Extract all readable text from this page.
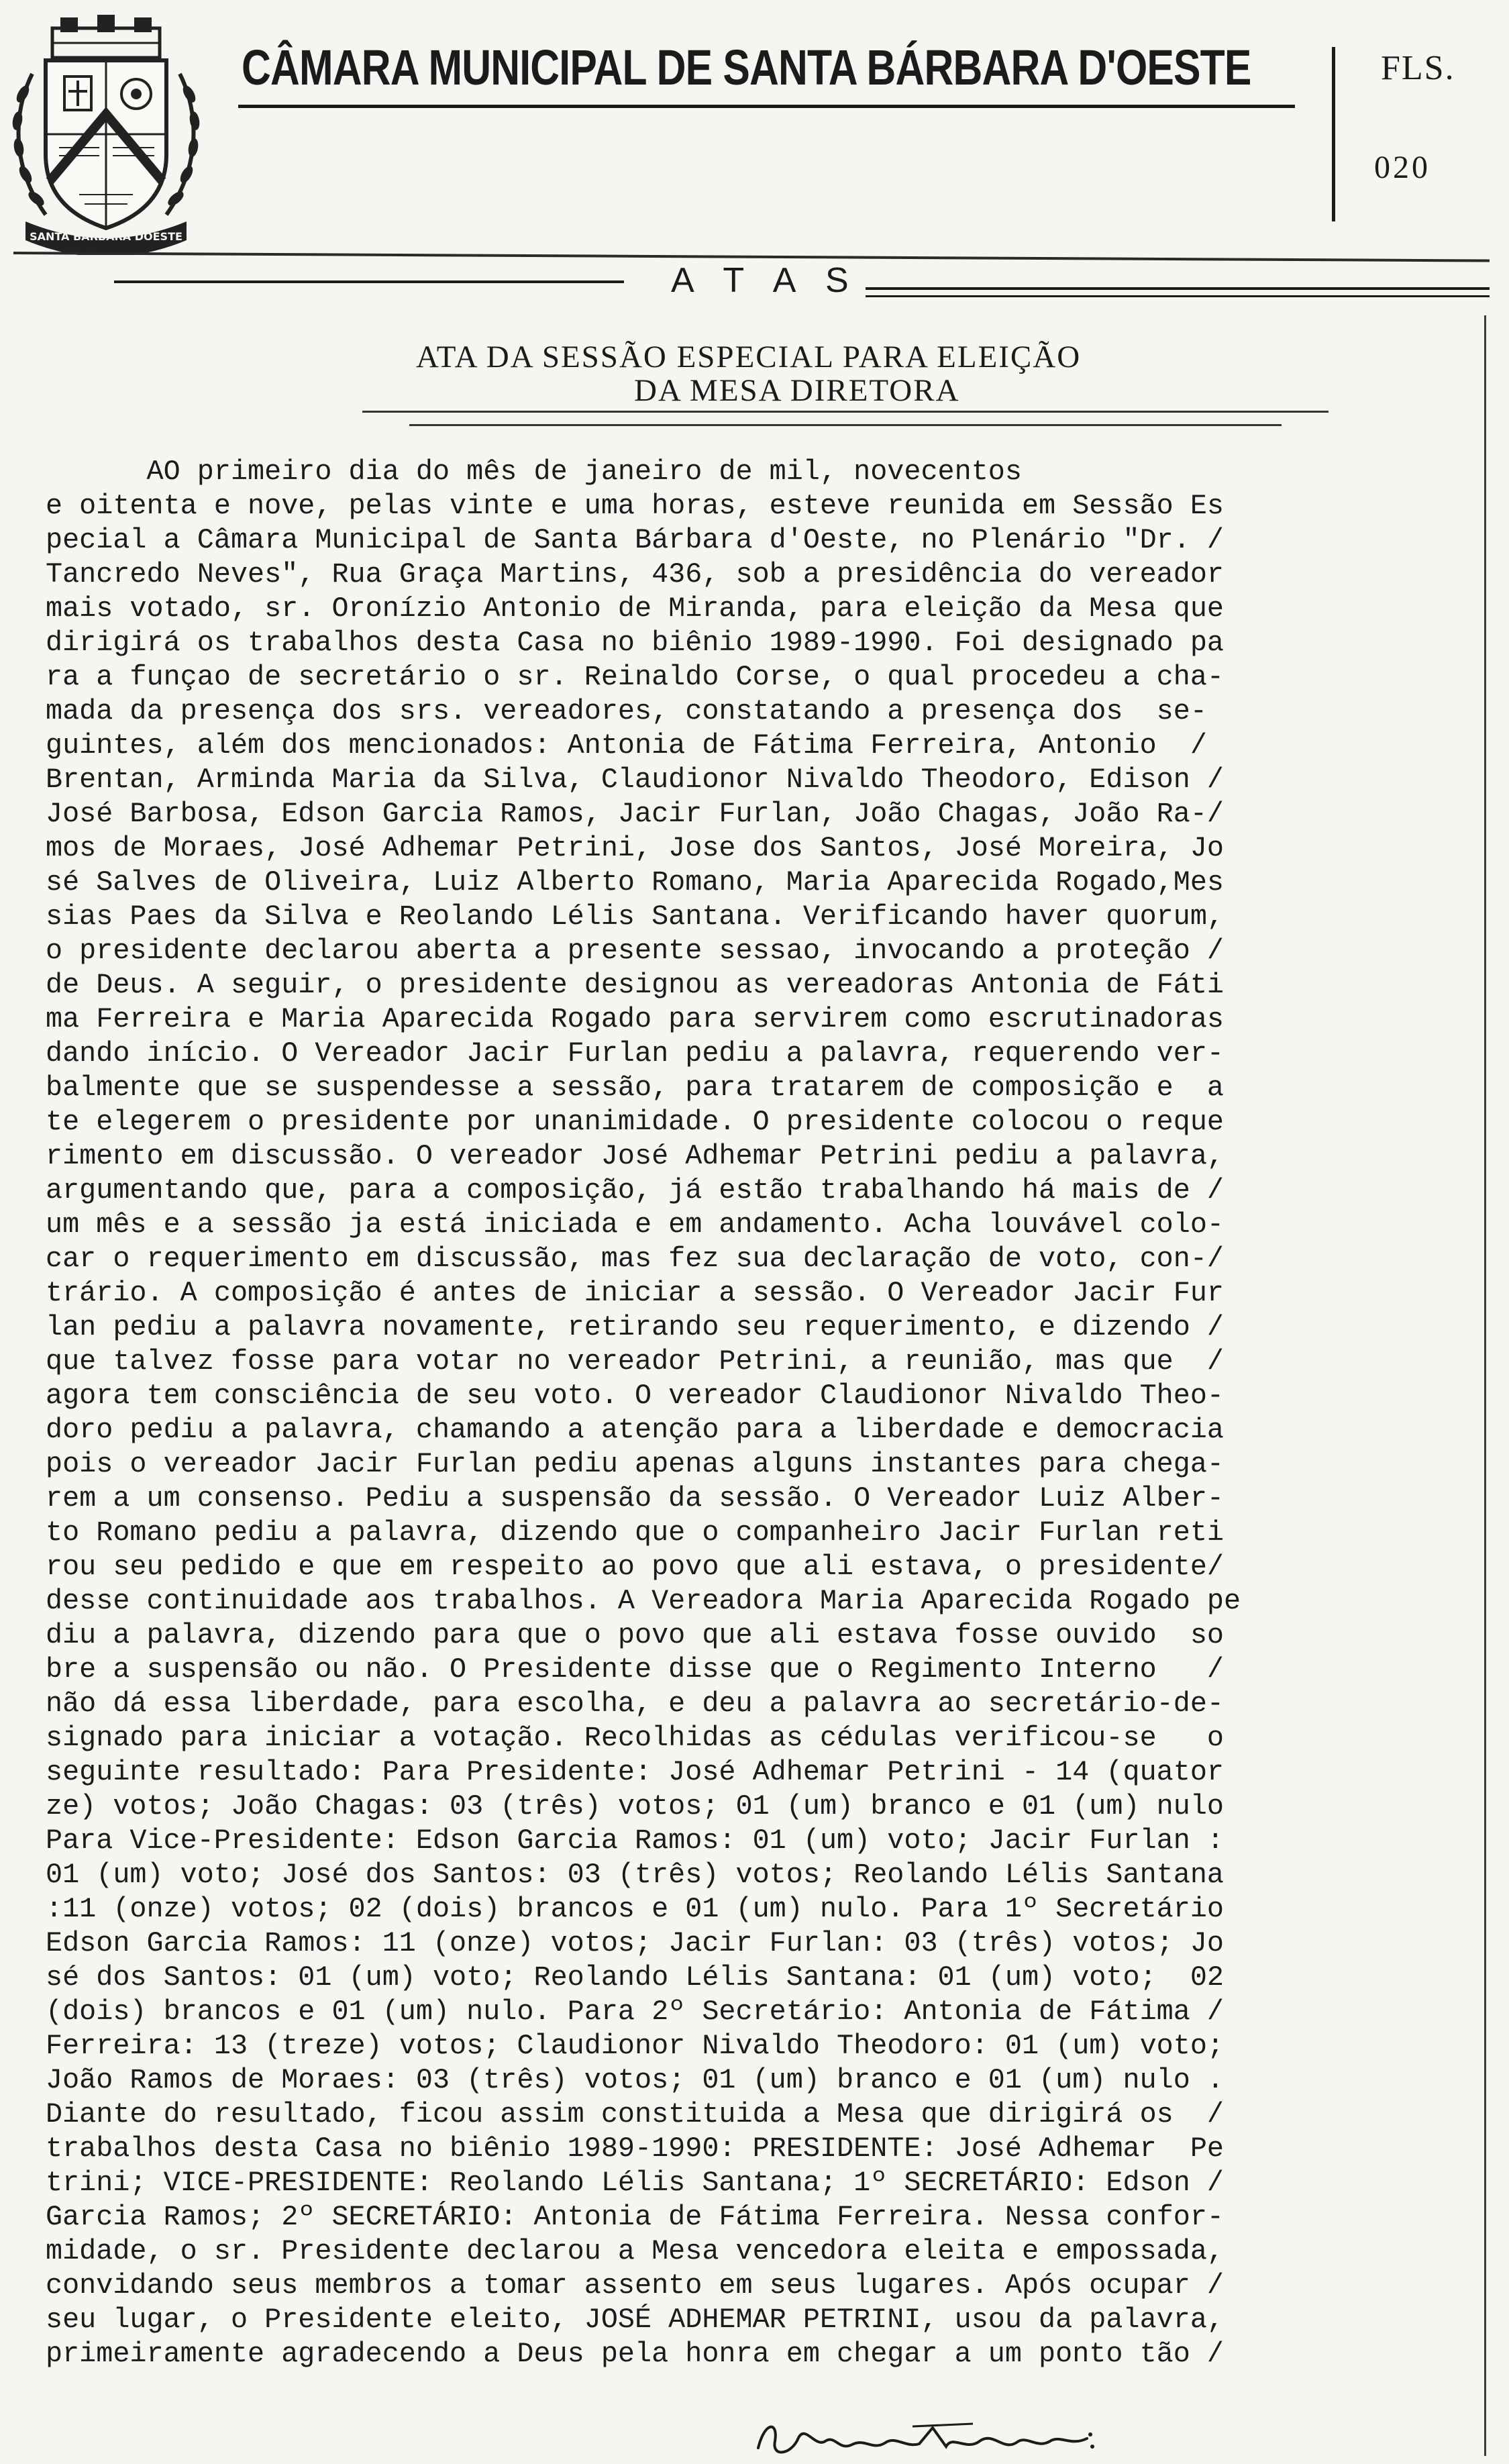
SANTA BARBARA DOESTE
CÂMARA MUNICIPAL DE SANTA BÁRBARA D'OESTE	FLS.
020
A T A S
ATA DA SESSÃO ESPECIAL PARA ELEIÇÃO
DA MESA DIRETORA
AO primeiro dia do mês de janeiro de mil, novecentos
e oitenta e nove, pelas vinte e uma horas, esteve reunida em Sessão Es
pecial a Câmara Municipal de Santa Bárbara d'Oeste, no Plenário "Dr. /
Tancredo Neves", Rua Graça Martins, 436, sob a presidência do vereador
mais votado, sr. Oronízio Antonio de Miranda, para eleição da Mesa que
dirigirá os trabalhos desta Casa no biênio 1989-1990. Foi designado pa
ra a funçao de secretário o sr. Reinaldo Corse, o qual procedeu a cha-
mada da presença dos srs. vereadores, constatando a presença dos  se-
guintes, além dos mencionados: Antonia de Fátima Ferreira, Antonio  /
Brentan, Arminda Maria da Silva, Claudionor Nivaldo Theodoro, Edison /
José Barbosa, Edson Garcia Ramos, Jacir Furlan, João Chagas, João Ra-/
mos de Moraes, José Adhemar Petrini, Jose dos Santos, José Moreira, Jo
sé Salves de Oliveira, Luiz Alberto Romano, Maria Aparecida Rogado,Mes
sias Paes da Silva e Reolando Lélis Santana. Verificando haver quorum,
o presidente declarou aberta a presente sessao, invocando a proteção /
de Deus. A seguir, o presidente designou as vereadoras Antonia de Fáti
ma Ferreira e Maria Aparecida Rogado para servirem como escrutinadoras
dando início. O Vereador Jacir Furlan pediu a palavra, requerendo ver-
balmente que se suspendesse a sessão, para tratarem de composição e  a
te elegerem o presidente por unanimidade. O presidente colocou o reque
rimento em discussão. O vereador José Adhemar Petrini pediu a palavra,
argumentando que, para a composição, já estão trabalhando há mais de /
um mês e a sessão ja está iniciada e em andamento. Acha louvável colo-
car o requerimento em discussão, mas fez sua declaração de voto, con-/
trário. A composição é antes de iniciar a sessão. O Vereador Jacir Fur
lan pediu a palavra novamente, retirando seu requerimento, e dizendo /
que talvez fosse para votar no vereador Petrini, a reunião, mas que  /
agora tem consciência de seu voto. O vereador Claudionor Nivaldo Theo-
doro pediu a palavra, chamando a atenção para a liberdade e democracia
pois o vereador Jacir Furlan pediu apenas alguns instantes para chega-
rem a um consenso. Pediu a suspensão da sessão. O Vereador Luiz Alber-
to Romano pediu a palavra, dizendo que o companheiro Jacir Furlan reti
rou seu pedido e que em respeito ao povo que ali estava, o presidente/
desse continuidade aos trabalhos. A Vereadora Maria Aparecida Rogado pe
diu a palavra, dizendo para que o povo que ali estava fosse ouvido  so
bre a suspensão ou não. O Presidente disse que o Regimento Interno   /
não dá essa liberdade, para escolha, e deu a palavra ao secretário-de-
signado para iniciar a votação. Recolhidas as cédulas verificou-se   o
seguinte resultado: Para Presidente: José Adhemar Petrini - 14 (quator
ze) votos; João Chagas: 03 (três) votos; 01 (um) branco e 01 (um) nulo
Para Vice-Presidente: Edson Garcia Ramos: 01 (um) voto; Jacir Furlan :
01 (um) voto; José dos Santos: 03 (três) votos; Reolando Lélis Santana
:11 (onze) votos; 02 (dois) brancos e 01 (um) nulo. Para 1º Secretário
Edson Garcia Ramos: 11 (onze) votos; Jacir Furlan: 03 (três) votos; Jo
sé dos Santos: 01 (um) voto; Reolando Lélis Santana: 01 (um) voto;  02
(dois) brancos e 01 (um) nulo. Para 2º Secretário: Antonia de Fátima /
Ferreira: 13 (treze) votos; Claudionor Nivaldo Theodoro: 01 (um) voto;
João Ramos de Moraes: 03 (três) votos; 01 (um) branco e 01 (um) nulo .
Diante do resultado, ficou assim constituida a Mesa que dirigirá os  /
trabalhos desta Casa no biênio 1989-1990: PRESIDENTE: José Adhemar  Pe
trini; VICE-PRESIDENTE: Reolando Lélis Santana; 1º SECRETÁRIO: Edson /
Garcia Ramos; 2º SECRETÁRIO: Antonia de Fátima Ferreira. Nessa confor-
midade, o sr. Presidente declarou a Mesa vencedora eleita e empossada,
convidando seus membros a tomar assento em seus lugares. Após ocupar /
seu lugar, o Presidente eleito, JOSÉ ADHEMAR PETRINI, usou da palavra,
primeiramente agradecendo a Deus pela honra em chegar a um ponto tão /
